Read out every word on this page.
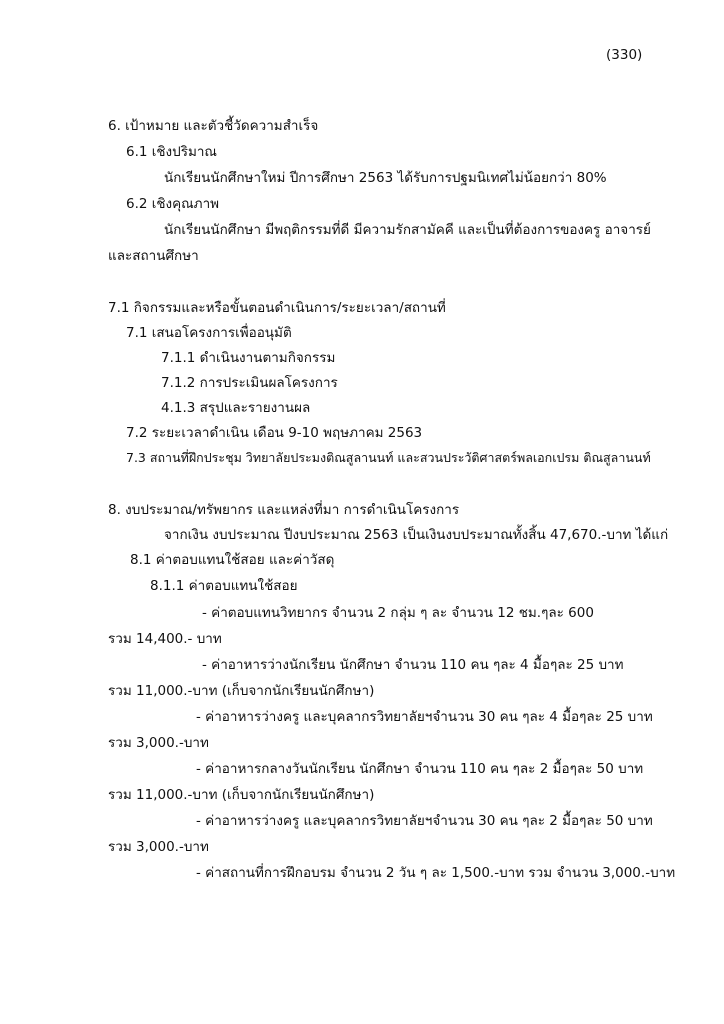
(330)
6. เป้าหมาย และตัวชี้วัดความสำเร็จ
6.1 เชิงปริมาณ
นักเรียนนักศึกษาใหม่ ปีการศึกษา 2563 ได้รับการปฐมนิเทศไม่น้อยกว่า 80%
6.2 เชิงคุณภาพ
นักเรียนนักศึกษา มีพฤติกรรมที่ดี มีความรักสามัคคี และเป็นที่ต้องการของครู อาจารย์
และสถานศึกษา
7.1 กิจกรรมและหรือขั้นตอนดำเนินการ/ระยะเวลา/สถานที่
7.1 เสนอโครงการเพื่ออนุมัติ
7.1.1 ดำเนินงานตามกิจกรรม
7.1.2 การประเมินผลโครงการ
4.1.3 สรุปและรายงานผล
7.2 ระยะเวลาดำเนิน เดือน 9-10 พฤษภาคม 2563
7.3 สถานที่ฝึกประชุม วิทยาลัยประมงติณสูลานนท์ และสวนประวัติศาสตร์พลเอกเปรม ติณสูลานนท์
8. งบประมาณ/ทรัพยากร และแหล่งที่มา การดำเนินโครงการ
จากเงิน งบประมาณ ปีงบประมาณ 2563 เป็นเงินงบประมาณทั้งสิ้น 47,670.-บาท ได้แก่
8.1 ค่าตอบแทนใช้สอย และค่าวัสดุ
8.1.1 ค่าตอบแทนใช้สอย
- ค่าตอบแทนวิทยากร จำนวน 2 กลุ่ม ๆ ละ จำนวน 12 ชม.ๆละ 600
รวม 14,400.- บาท
- ค่าอาหารว่างนักเรียน นักศึกษา จำนวน 110 คน ๆละ 4 มื้อๆละ 25 บาท
รวม 11,000.-บาท (เก็บจากนักเรียนนักศึกษา)
- ค่าอาหารว่างครู และบุคลากรวิทยาลัยฯจำนวน 30 คน ๆละ 4 มื้อๆละ 25 บาท
รวม 3,000.-บาท
- ค่าอาหารกลางวันนักเรียน นักศึกษา จำนวน 110 คน ๆละ 2 มื้อๆละ 50 บาท
รวม 11,000.-บาท (เก็บจากนักเรียนนักศึกษา)
- ค่าอาหารว่างครู และบุคลากรวิทยาลัยฯจำนวน 30 คน ๆละ 2 มื้อๆละ 50 บาท
รวม 3,000.-บาท
- ค่าสถานที่การฝึกอบรม จำนวน 2 วัน ๆ ละ 1,500.-บาท รวม จำนวน 3,000.-บาท
